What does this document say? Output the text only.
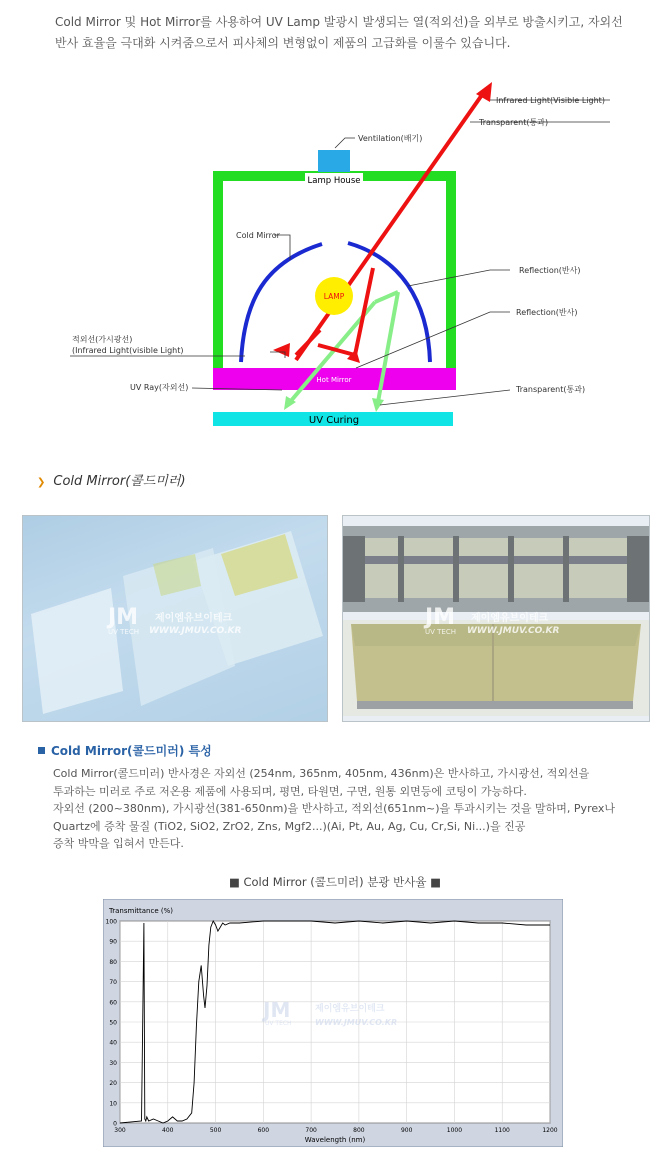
Cold Mirror 및 Hot Mirror를 사용하여 UV Lamp 발광시 발생되는 열(적외선)을 외부로 방출시키고, 자외선

반사 효율을 극대화 시켜줌으로서 피사체의 변형없이 제품의 고급화를 이룰수 있습니다.

Lamp House
Hot Mirror
UV Curing
LAMP
Infrared Light(Visible Light)
Transparent(통과)
Ventilation(배기)
Cold Mirror
Reflection(반사)
Reflection(반사)
적외선(가시광선)
(Infrared Light(visible Light)
UV Ray(자외선)	Transparent(통과)
❯ Cold Mirror(콜드미러)
JM
UV TECH
제이엠유브이테크
WWW.JMUV.CO.KR
JM
UV TECH
제이엠유브이테크
WWW.JMUV.CO.KR
Cold Mirror(콜드미러) 특성

Cold Mirror(콜드미러) 반사경은 자외선 (254nm, 365nm, 405nm, 436nm)은 반사하고, 가시광선, 적외선을

투과하는 미러로 주로 저온용 제품에 사용되며, 평면, 타원면, 구면, 원통 외면등에 코팅이 가능하다.

자외선 (200~380nm), 가시광선(381-650nm)을 반사하고, 적외선(651nm~)을 투과시키는 것을 말하며, Pyrex나

Quartz에 증착 물질 (TiO2, SiO2, ZrO2, Zns, Mgf2...)(Ai, Pt, Au, Ag, Cu, Cr,Si, Ni...)을 진공

증착 박막을 입혀서 만든다.

■ Cold Mirror (콜드미러) 분광 반사율 ■
Transmittance (%)
Wavelength (nm)
0
10
20
30
40
50
60
70
80
90
100
300	400	500	600	700	800	900	1000	1100	1200
JM
UV TECH
제이엠유브이테크
WWW.JMUV.CO.KR
